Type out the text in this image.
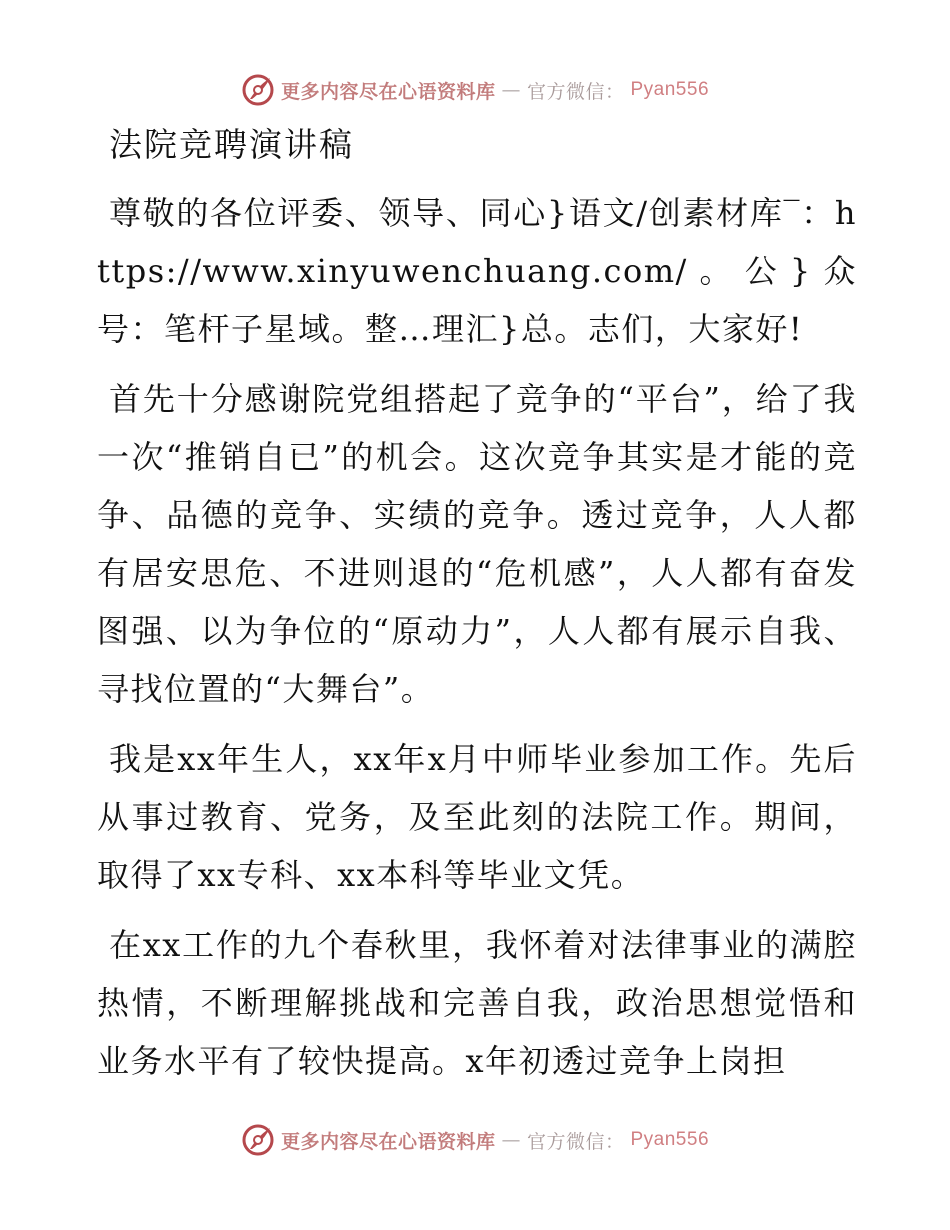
更多内容尽在心语资料库 — 官方微信： Pyan556
法院竞聘演讲稿

尊敬的各位评委、领导、同心}语文/创素材库‾：https://www.xinyuwenchuang.com/。公}众号：笔杆子星域。整…理汇}总。志们，大家好!

首先十分感谢院党组搭起了竞争的“平台”，给了我一次“推销自已”的机会。这次竞争其实是才能的竞争、品德的竞争、实绩的竞争。透过竞争，人人都有居安思危、不进则退的“危机感”，人人都有奋发图强、以为争位的“原动力”，人人都有展示自我、寻找位置的“大舞台”。

我是xx年生人，xx年x月中师毕业参加工作。先后从事过教育、党务，及至此刻的法院工作。期间，取得了xx专科、xx本科等毕业文凭。

在xx工作的九个春秋里，我怀着对法律事业的满腔热情，不断理解挑战和完善自我，政治思想觉悟和业务水平有了较快提高。x年初透过竞争上岗担

更多内容尽在心语资料库 — 官方微信： Pyan556
